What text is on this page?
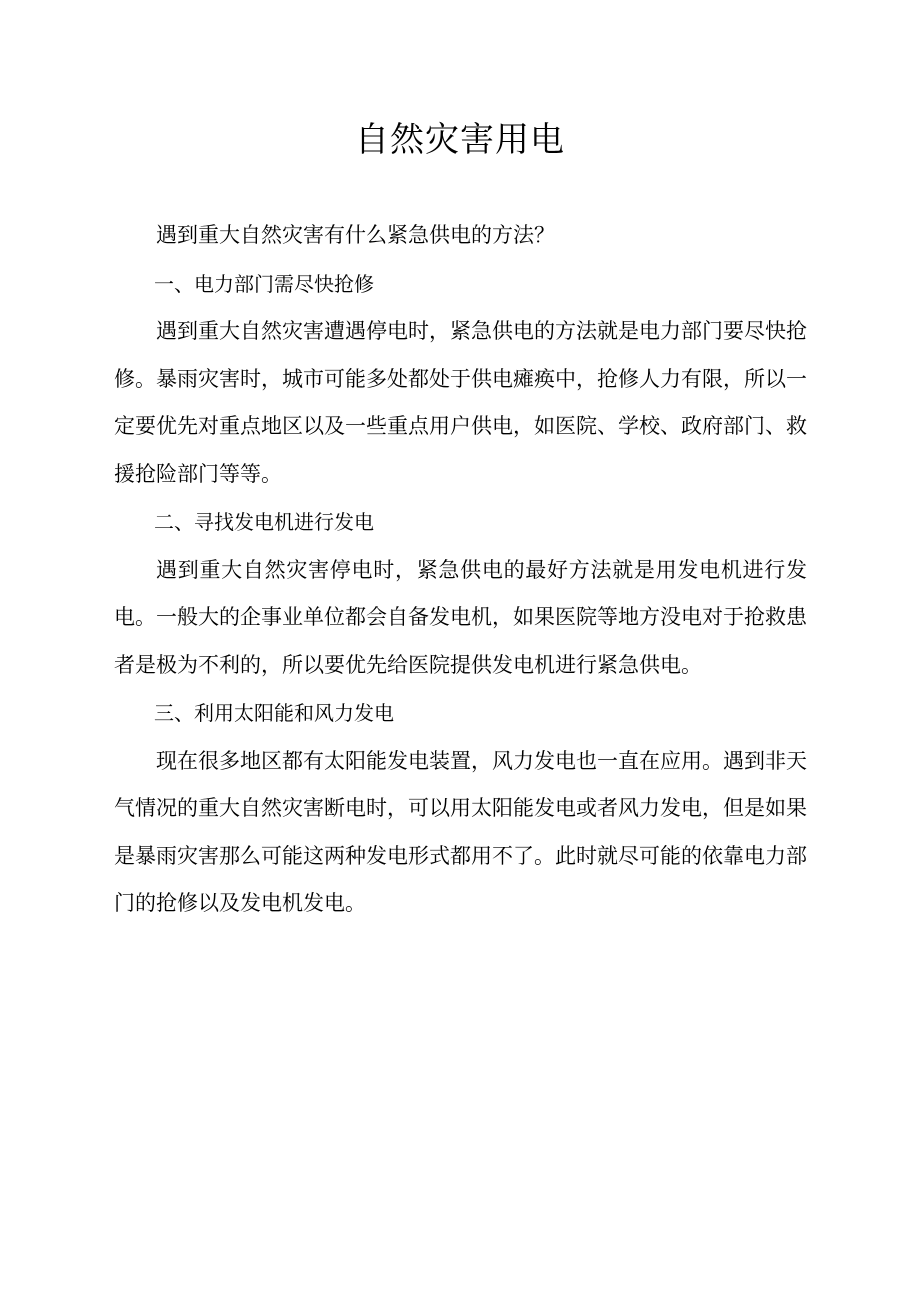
自然灾害用电

遇到重大自然灾害有什么紧急供电的方法？

一、电力部门需尽快抢修

遇到重大自然灾害遭遇停电时，紧急供电的方法就是电力部门要尽快抢修。暴雨灾害时，城市可能多处都处于供电瘫痪中，抢修人力有限，所以一定要优先对重点地区以及一些重点用户供电，如医院、学校、政府部门、救援抢险部门等等。

二、寻找发电机进行发电

遇到重大自然灾害停电时，紧急供电的最好方法就是用发电机进行发电。一般大的企事业单位都会自备发电机，如果医院等地方没电对于抢救患者是极为不利的，所以要优先给医院提供发电机进行紧急供电。

三、利用太阳能和风力发电

现在很多地区都有太阳能发电装置，风力发电也一直在应用。遇到非天气情况的重大自然灾害断电时，可以用太阳能发电或者风力发电，但是如果是暴雨灾害那么可能这两种发电形式都用不了。此时就尽可能的依靠电力部门的抢修以及发电机发电。
